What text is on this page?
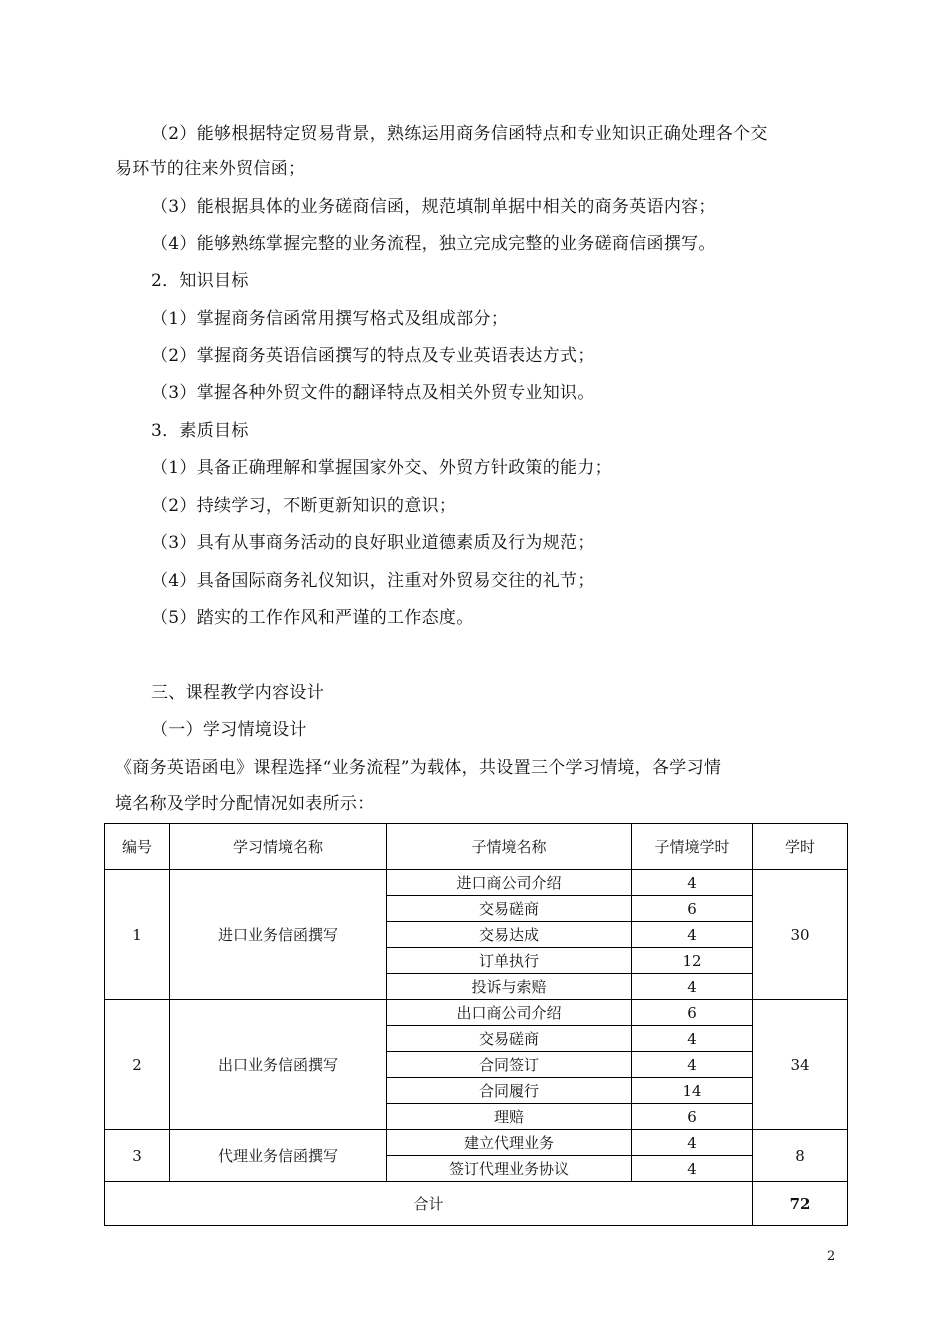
（2）能够根据特定贸易背景，熟练运用商务信函特点和专业知识正确处理各个交
易环节的往来外贸信函；
（3）能根据具体的业务磋商信函，规范填制单据中相关的商务英语内容；
（4）能够熟练掌握完整的业务流程，独立完成完整的业务磋商信函撰写。
2．知识目标
（1）掌握商务信函常用撰写格式及组成部分；
（2）掌握商务英语信函撰写的特点及专业英语表达方式；
（3）掌握各种外贸文件的翻译特点及相关外贸专业知识。
3．素质目标
（1）具备正确理解和掌握国家外交、外贸方针政策的能力；
（2）持续学习，不断更新知识的意识；
（3）具有从事商务活动的良好职业道德素质及行为规范；
（4）具备国际商务礼仪知识，注重对外贸易交往的礼节；
（5）踏实的工作作风和严谨的工作态度。
三、课程教学内容设计
（一）学习情境设计
《商务英语函电》课程选择“业务流程”为载体，共设置三个学习情境，各学习情
境名称及学时分配情况如表所示：
编号	学习情境名称	子情境名称	子情境学时	学时
1	进口业务信函撰写	进口商公司介绍	4	30
		交易磋商	6	
		交易达成	4	
		订单执行	12	
		投诉与索赔	4	
2	出口业务信函撰写	出口商公司介绍	6	34
		交易磋商	4	
		合同签订	4	
		合同履行	14	
		理赔	6	
3	代理业务信函撰写	建立代理业务	4	8
		签订代理业务协议	4	
合计				72
2
